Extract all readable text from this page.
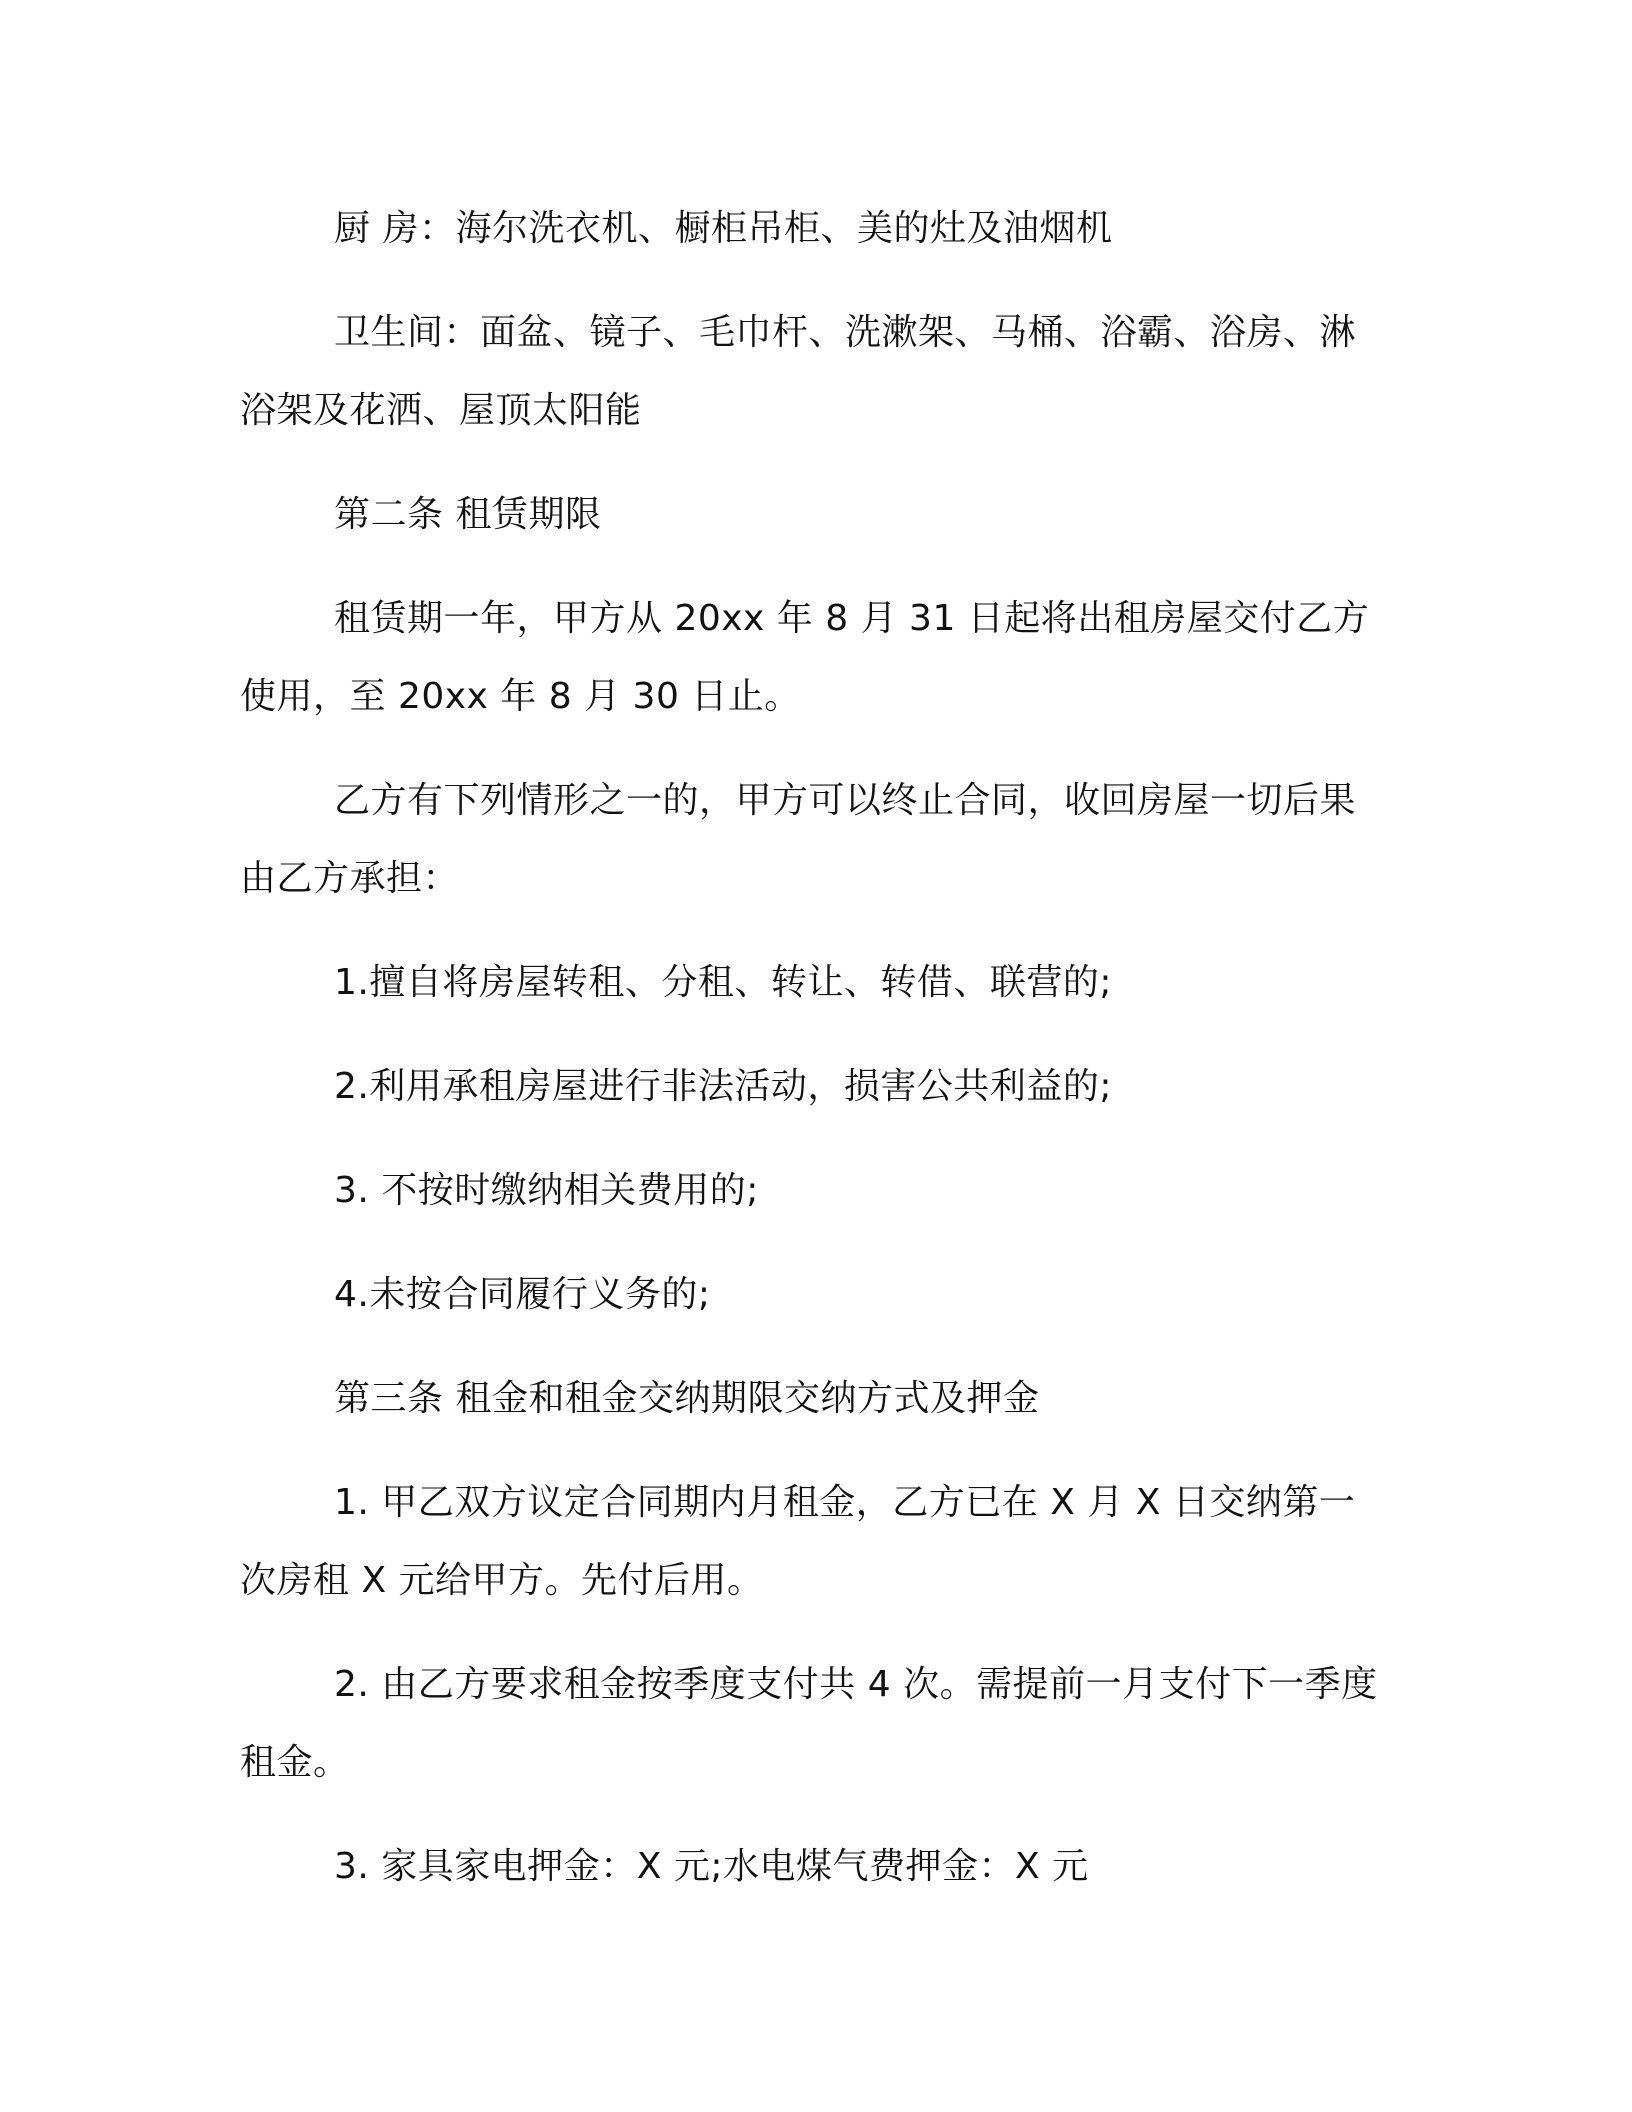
厨 房：海尔洗衣机、橱柜吊柜、美的灶及油烟机

卫生间：面盆、镜子、毛巾杆、洗漱架、马桶、浴霸、浴房、淋浴架及花洒、屋顶太阳能

第二条 租赁期限

租赁期一年，甲方从 20xx 年 8 月 31 日起将出租房屋交付乙方使用，至 20xx 年 8 月 30 日止。

乙方有下列情形之一的，甲方可以终止合同，收回房屋一切后果由乙方承担：

1.擅自将房屋转租、分租、转让、转借、联营的;

2.利用承租房屋进行非法活动，损害公共利益的;

3. 不按时缴纳相关费用的;

4.未按合同履行义务的;

第三条 租金和租金交纳期限交纳方式及押金

1. 甲乙双方议定合同期内月租金，乙方已在 X 月 X 日交纳第一次房租 X 元给甲方。先付后用。

2. 由乙方要求租金按季度支付共 4 次。需提前一月支付下一季度租金。

3. 家具家电押金：X 元;水电煤气费押金：X 元
